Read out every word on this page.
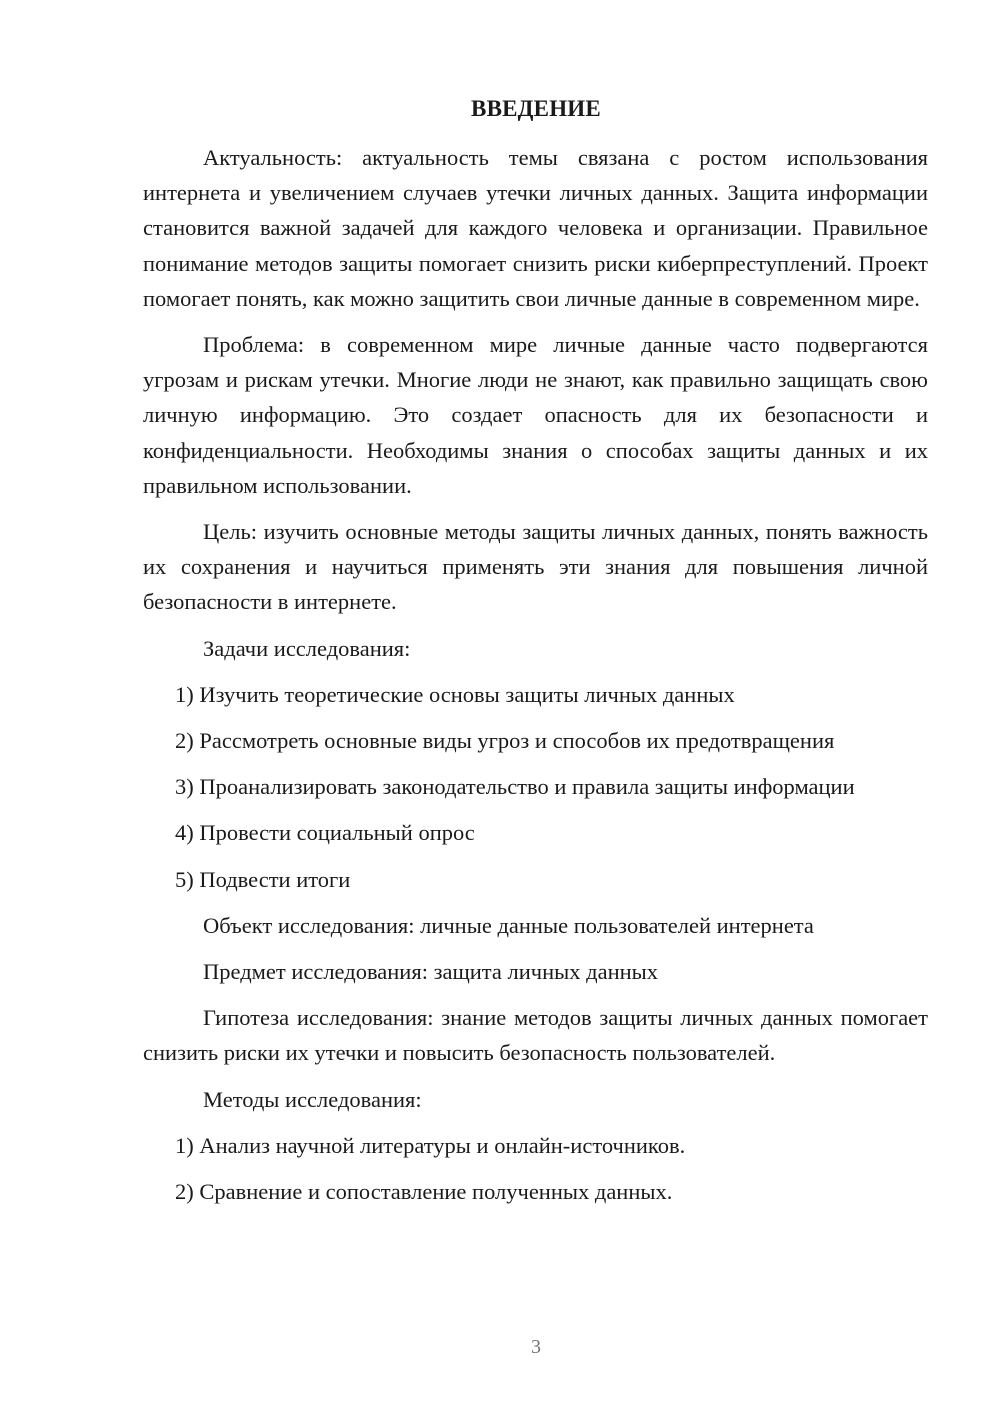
ВВЕДЕНИЕ

Актуальность: актуальность темы связана с ростом использования интернета и увеличением случаев утечки личных данных. Защита информации становится важной задачей для каждого человека и организации. Правильное понимание методов защиты помогает снизить риски киберпреступлений. Проект помогает понять, как можно защитить свои личные данные в современном мире.

Проблема: в современном мире личные данные часто подвергаются угрозам и рискам утечки. Многие люди не знают, как правильно защищать свою личную информацию. Это создает опасность для их безопасности и конфиденциальности. Необходимы знания о способах защиты данных и их правильном использовании.

Цель: изучить основные методы защиты личных данных, понять важность их сохранения и научиться применять эти знания для повышения личной безопасности в интернете.

Задачи исследования:

1) Изучить теоретические основы защиты личных данных

2) Рассмотреть основные виды угроз и способов их предотвращения

3) Проанализировать законодательство и правила защиты информации

4) Провести социальный опрос

5) Подвести итоги

Объект исследования: личные данные пользователей интернета

Предмет исследования: защита личных данных

Гипотеза исследования: знание методов защиты личных данных помогает снизить риски их утечки и повысить безопасность пользователей.

Методы исследования:

1) Анализ научной литературы и онлайн-источников.

2) Сравнение и сопоставление полученных данных.

3
